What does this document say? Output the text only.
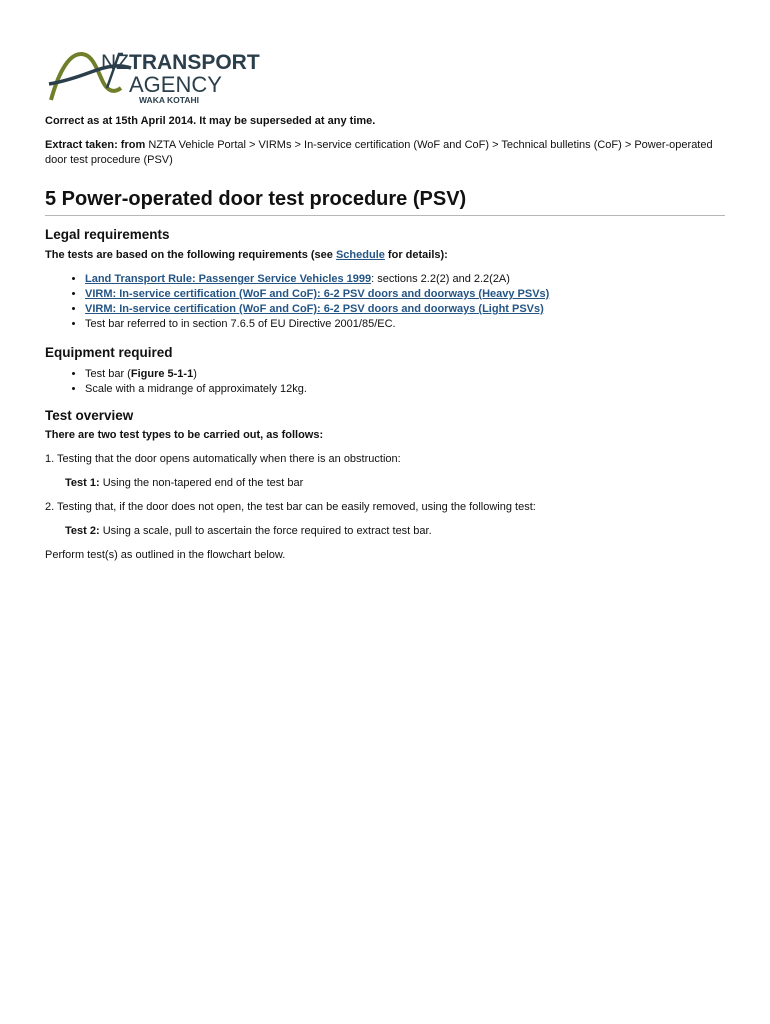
NZ TRANSPORT
AGENCY
WAKA KOTAHI

Correct as at 15th April 2014. It may be superseded at any time.

Extract taken: from NZTA Vehicle Portal > VIRMs > In-service certification (WoF and CoF) > Technical bulletins (CoF) > Power-operated door test procedure (PSV)

5 Power-operated door test procedure (PSV)
Legal requirements

The tests are based on the following requirements (see Schedule for details):

• Land Transport Rule: Passenger Service Vehicles 1999: sections 2.2(2) and 2.2(2A)
• VIRM: In-service certification (WoF and CoF): 6-2 PSV doors and doorways (Heavy PSVs)
• VIRM: In-service certification (WoF and CoF): 6-2 PSV doors and doorways (Light PSVs)
• Test bar referred to in section 7.6.5 of EU Directive 2001/85/EC.
Equipment required
• Test bar (Figure 5-1-1)
• Scale with a midrange of approximately 12kg.
Test overview

There are two test types to be carried out, as follows:

1. Testing that the door opens automatically when there is an obstruction:

Test 1: Using the non-tapered end of the test bar

2. Testing that, if the door does not open, the test bar can be easily removed, using the following test:

Test 2: Using a scale, pull to ascertain the force required to extract test bar.

Perform test(s) as outlined in the flowchart below.
